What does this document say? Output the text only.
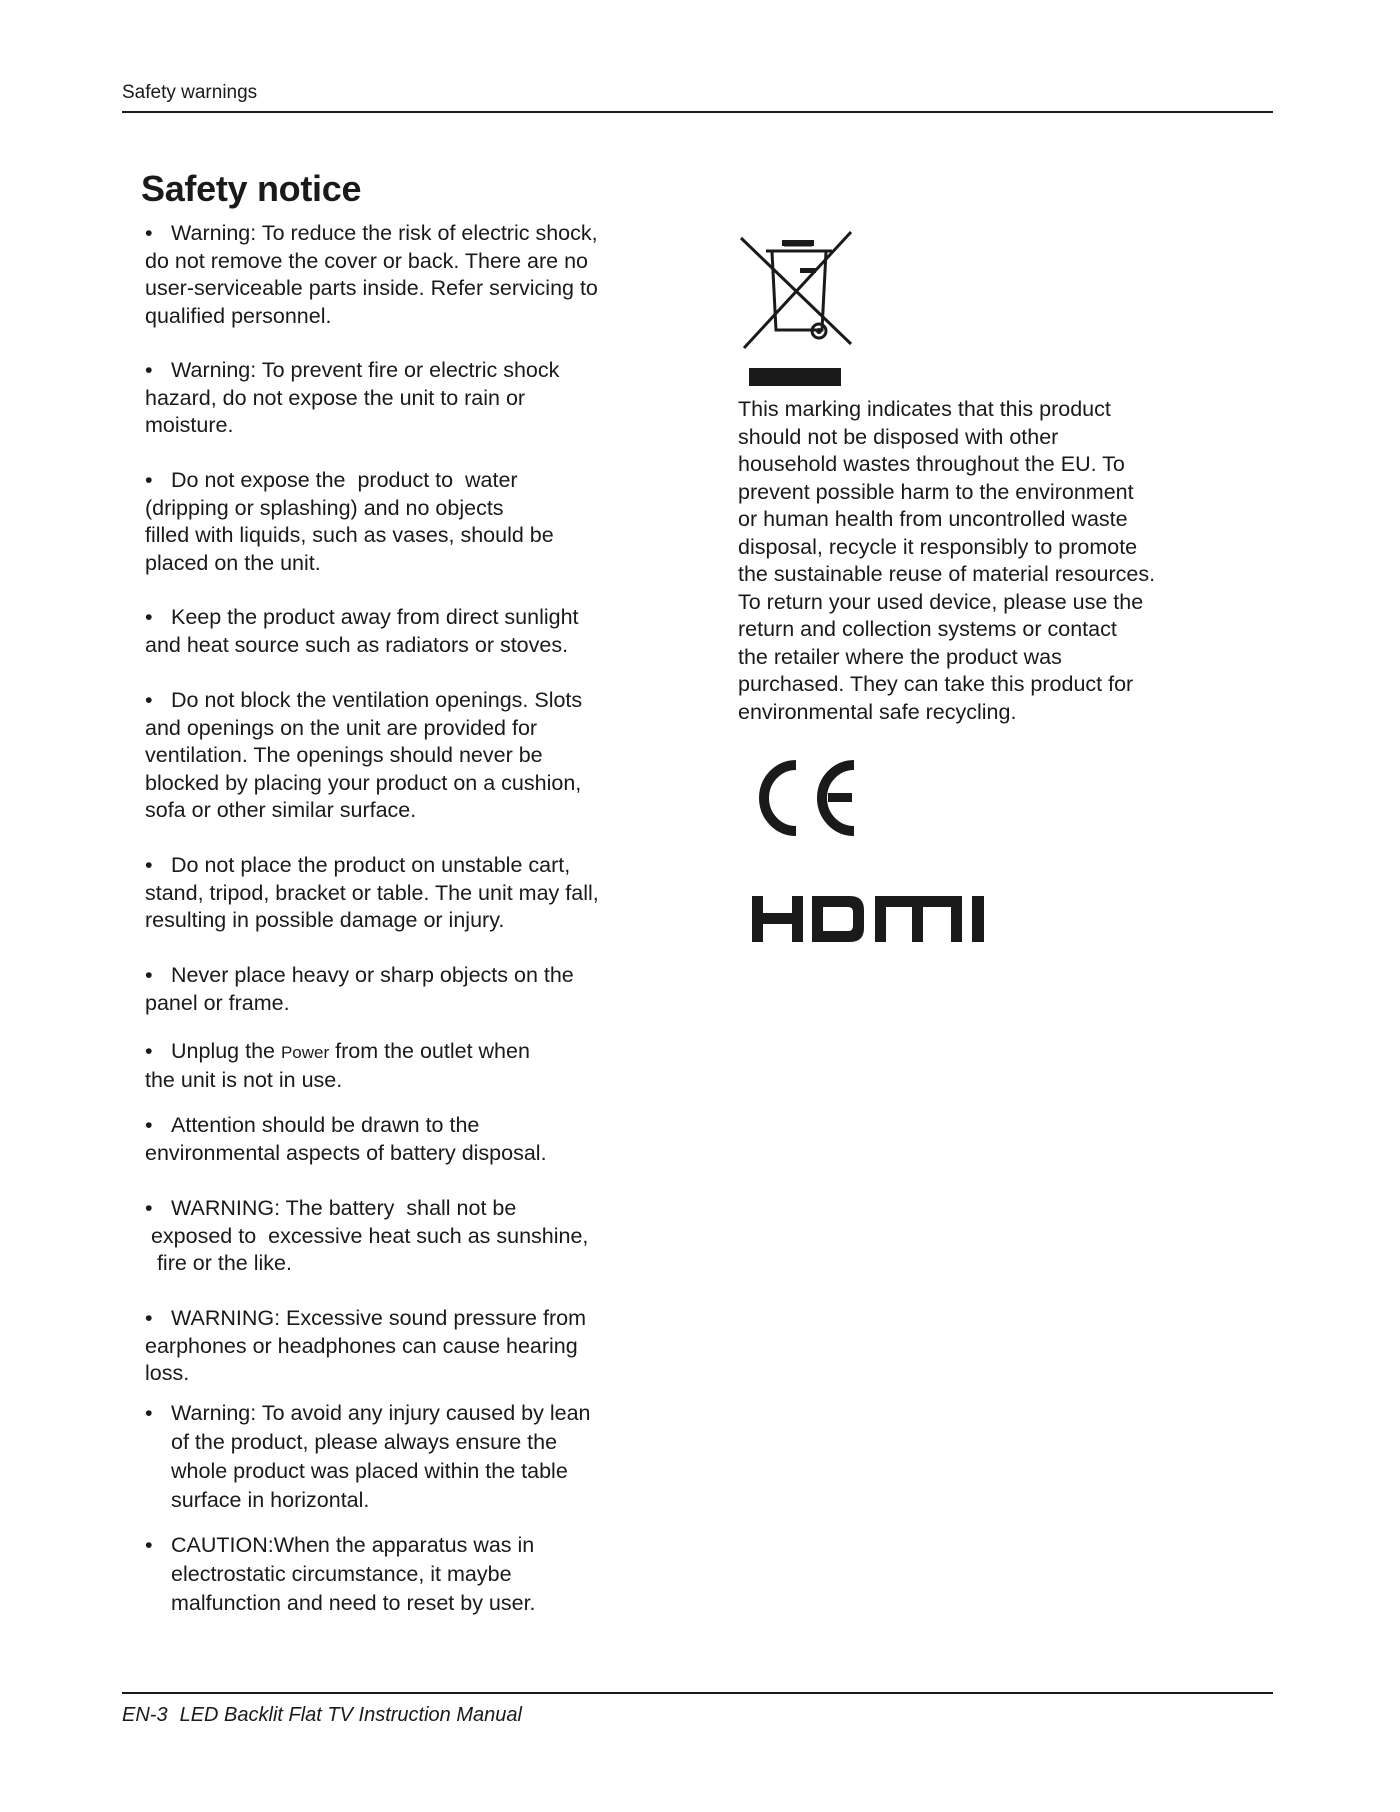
Safety warnings
Safety notice
• Warning: To reduce the risk of electric shock,
do not remove the cover or back. There are no
user-serviceable parts inside. Refer servicing to
qualified personnel.
• Warning: To prevent fire or electric shock
hazard, do not expose the unit to rain or
moisture.
• Do not expose the  product to  water
(dripping or splashing) and no objects
filled with liquids, such as vases, should be
placed on the unit.
• Keep the product away from direct sunlight
and heat source such as radiators or stoves.
• Do not block the ventilation openings. Slots
and openings on the unit are provided for
ventilation. The openings should never be
blocked by placing your product on a cushion,
sofa or other similar surface.
• Do not place the product on unstable cart,
stand, tripod, bracket or table. The unit may fall,
resulting in possible damage or injury.
• Never place heavy or sharp objects on the
panel or frame.
• Unplug the Power from the outlet when
the unit is not in use.
• Attention should be drawn to the
environmental aspects of battery disposal.
• WARNING: The battery  shall not be
exposed to  excessive heat such as sunshine,
fire or the like.
• WARNING: Excessive sound pressure from
earphones or headphones can cause hearing
loss.
• Warning: To avoid any injury caused by lean
of the product, please always ensure the
whole product was placed within the table
surface in horizontal.
• CAUTION:When the apparatus was in
electrostatic circumstance, it maybe
malfunction and need to reset by user.
This marking indicates that this product
should not be disposed with other
household wastes throughout the EU. To
prevent possible harm to the environment
or human health from uncontrolled waste
disposal, recycle it responsibly to promote
the sustainable reuse of material resources.
To return your used device, please use the
return and collection systems or contact
the retailer where the product was
purchased. They can take this product for
environmental safe recycling.
EN-3 LED Backlit Flat TV Instruction Manual
